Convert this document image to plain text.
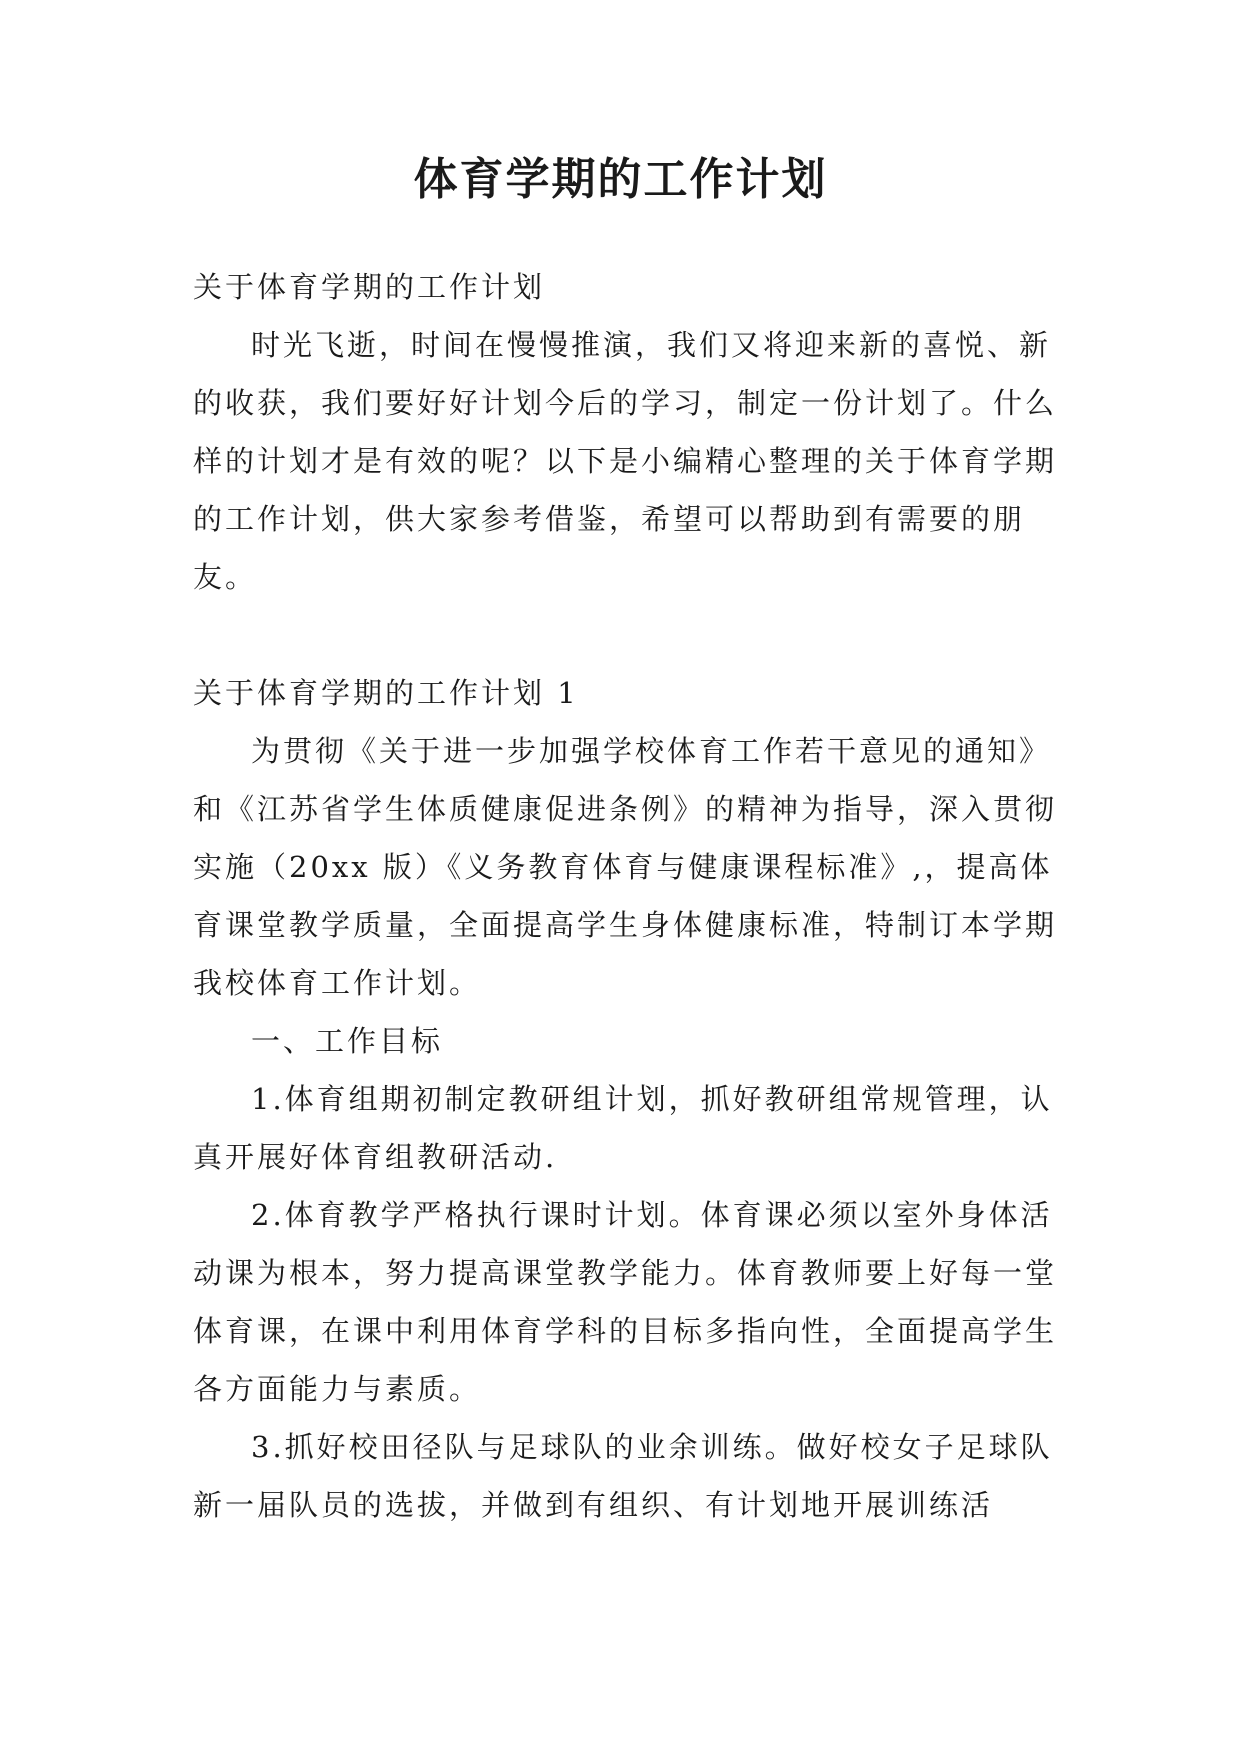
体育学期的工作计划

关于体育学期的工作计划

时光飞逝，时间在慢慢推演，我们又将迎来新的喜悦、新的收获，我们要好好计划今后的学习，制定一份计划了。什么样的计划才是有效的呢？以下是小编精心整理的关于体育学期的工作计划，供大家参考借鉴，希望可以帮助到有需要的朋友。

关于体育学期的工作计划 1

为贯彻《关于进一步加强学校体育工作若干意见的通知》和《江苏省学生体质健康促进条例》的精神为指导，深入贯彻实施（20xx 版）《义务教育体育与健康课程标准》,，提高体育课堂教学质量，全面提高学生身体健康标准，特制订本学期我校体育工作计划。

一、工作目标

1.体育组期初制定教研组计划，抓好教研组常规管理，认真开展好体育组教研活动.

2.体育教学严格执行课时计划。体育课必须以室外身体活动课为根本，努力提高课堂教学能力。体育教师要上好每一堂体育课，在课中利用体育学科的目标多指向性，全面提高学生各方面能力与素质。

3.抓好校田径队与足球队的业余训练。做好校女子足球队新一届队员的选拔，并做到有组织、有计划地开展训练活
